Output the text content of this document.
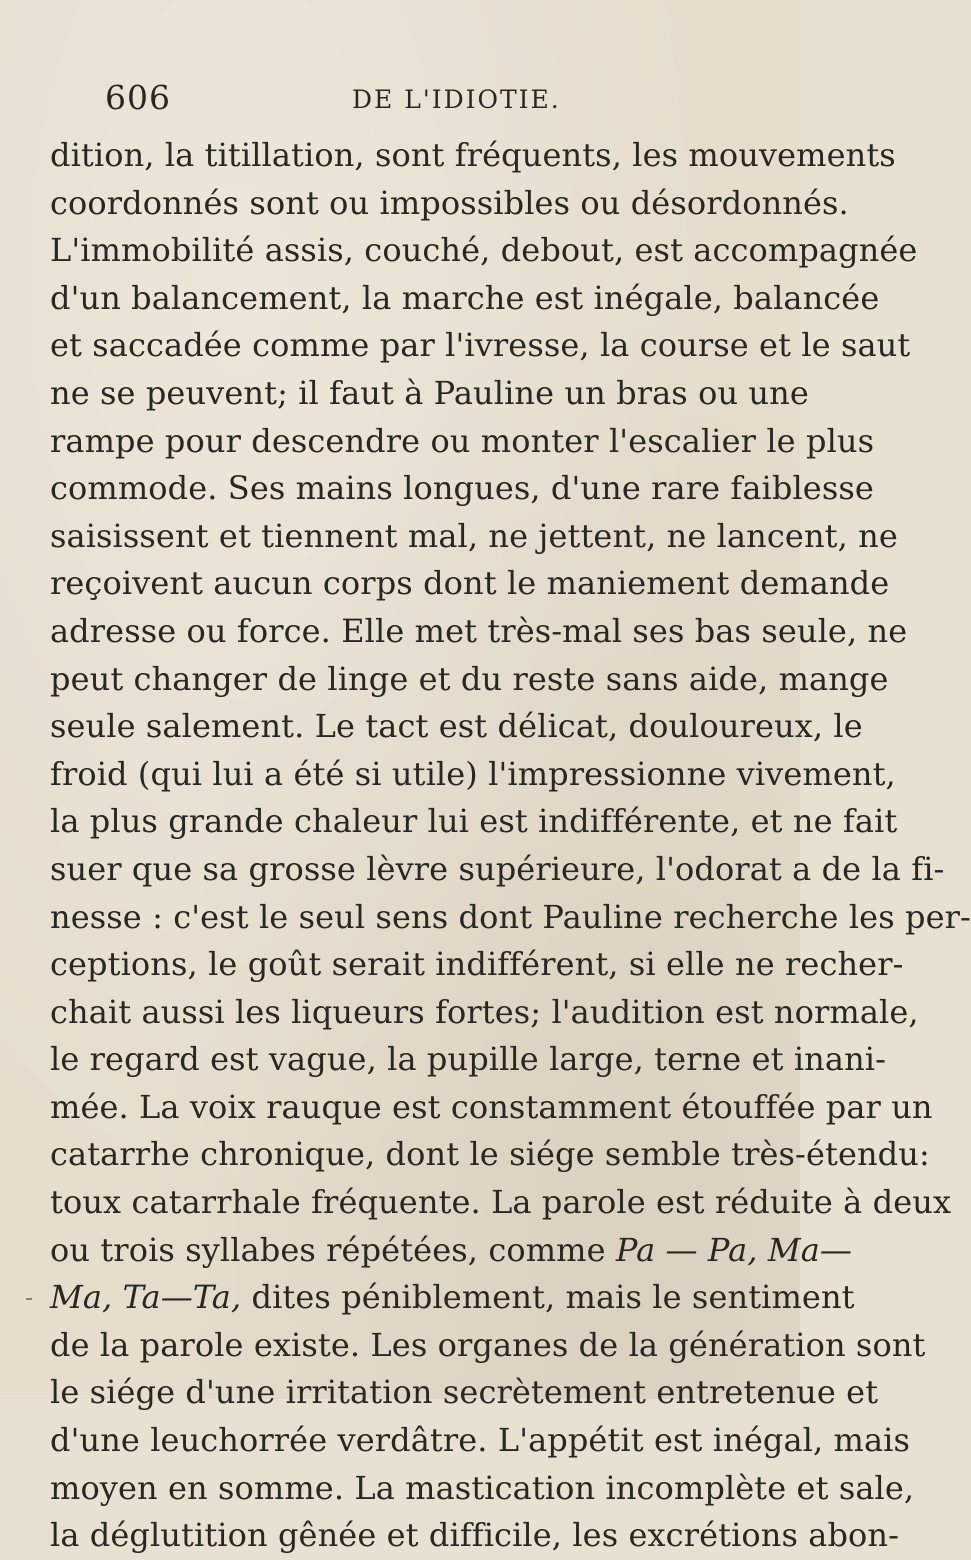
606	DE L'IDIOTIE.
dition, la titillation, sont fréquents, les mouvements
coordonnés sont ou impossibles ou désordonnés.
L'immobilité assis, couché, debout, est accompagnée
d'un balancement, la marche est inégale, balancée
et saccadée comme par l'ivresse, la course et le saut
ne se peuvent; il faut à Pauline un bras ou une
rampe pour descendre ou monter l'escalier le plus
commode. Ses mains longues, d'une rare faiblesse
saisissent et tiennent mal, ne jettent, ne lancent, ne
reçoivent aucun corps dont le maniement demande
adresse ou force. Elle met très-mal ses bas seule, ne
peut changer de linge et du reste sans aide, mange
seule salement. Le tact est délicat, douloureux, le
froid (qui lui a été si utile) l'impressionne vivement,
la plus grande chaleur lui est indifférente, et ne fait
suer que sa grosse lèvre supérieure, l'odorat a de la fi-
nesse : c'est le seul sens dont Pauline recherche les per-
ceptions, le goût serait indifférent, si elle ne recher-
chait aussi les liqueurs fortes; l'audition est normale,
le regard est vague, la pupille large, terne et inani-
mée. La voix rauque est constamment étouffée par un
catarrhe chronique, dont le siége semble très-étendu:
toux catarrhale fréquente. La parole est réduite à deux
ou trois syllabes répétées, comme Pa — Pa, Ma—
Ma, Ta—Ta, dites péniblement, mais le sentiment
de la parole existe. Les organes de la génération sont
le siége d'une irritation secrètement entretenue et
d'une leuchorrée verdâtre. L'appétit est inégal, mais
moyen en somme. La mastication incomplète et sale,
la déglutition gênée et difficile, les excrétions abon-
